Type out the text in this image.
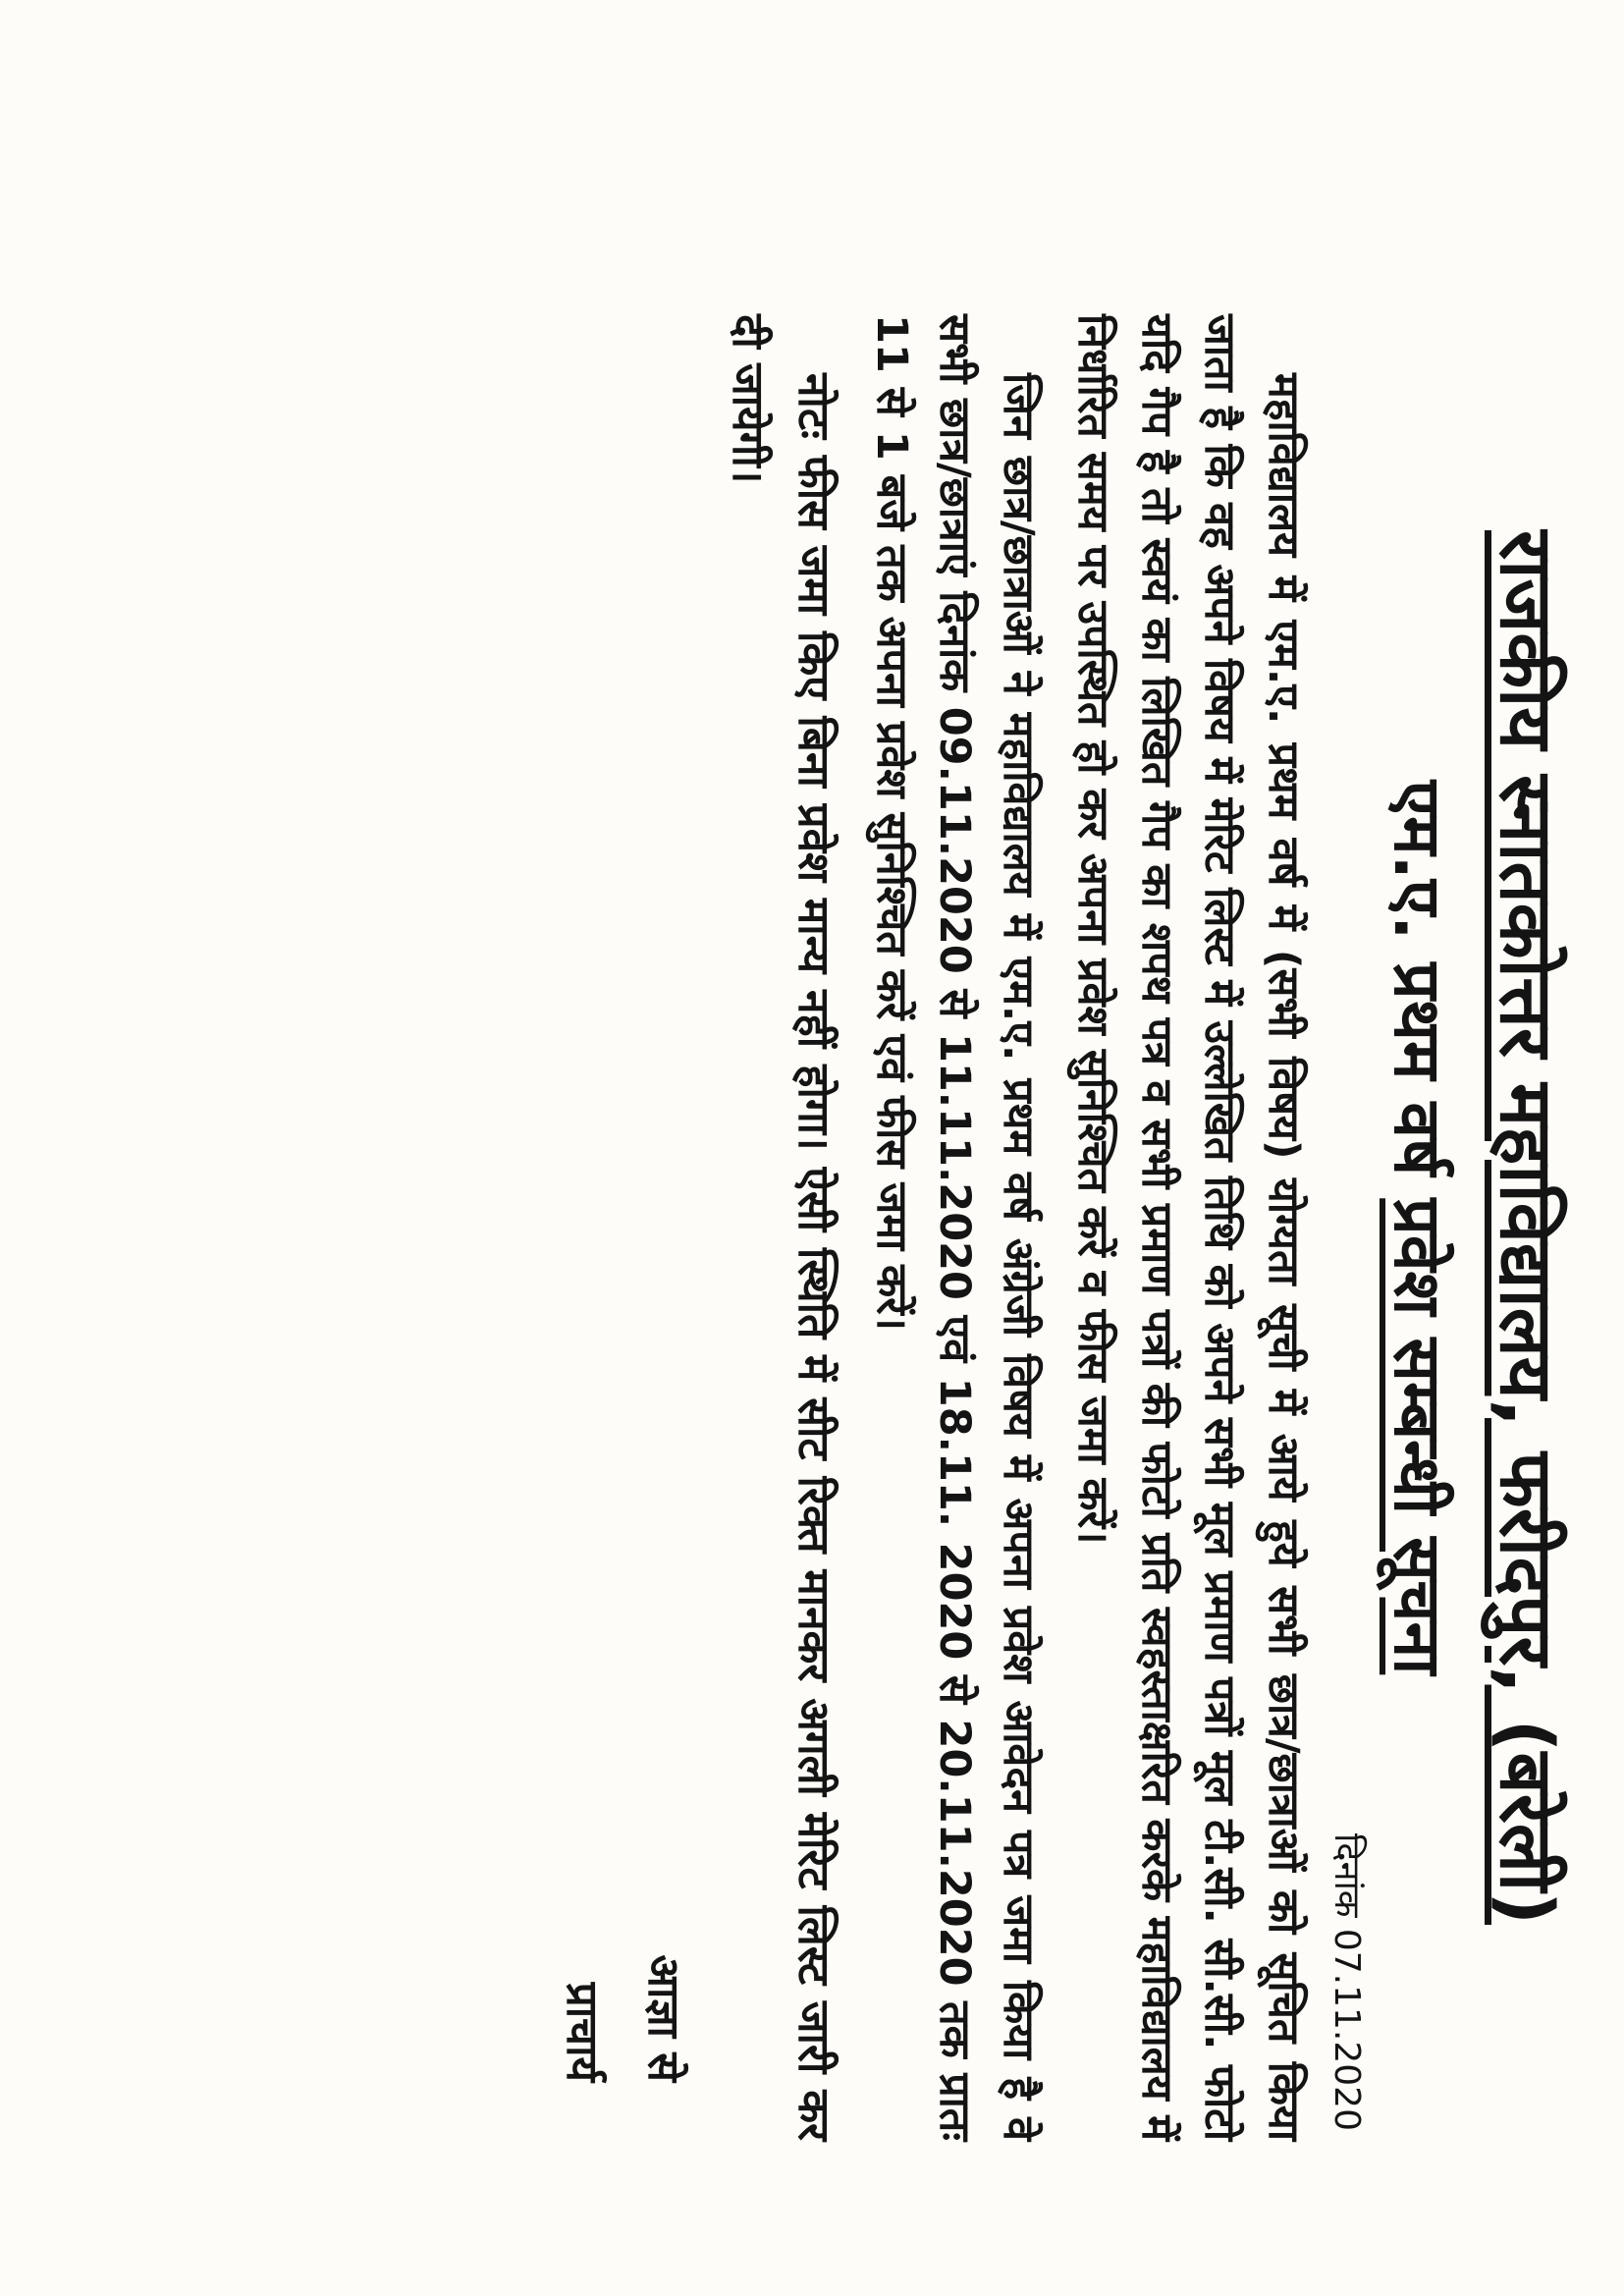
राजकीय स्नातकोत्तर महाविद्यालय, फरीदपुर, (बरेली)
एम.ए. प्रथम वर्ष प्रवेश सम्बन्धी सूचना
दिनांक 07.11.2020

महाविद्यालय में एम.ए. प्रथम वर्ष में (सभी विषय) योग्यता सूची में आये हुये सभी छात्र/छात्राओं को सूचित किया जाता है कि वह अपने विषय में मेरिट लिस्ट में उल्लेखित तिथि को अपने सभी मूल प्रमाण पत्रों मूल टी.सी. सी.सी. फोटो यदि गैप है तो स्वयं का लिखित गैप का शपथ पत्र व सभी प्रमाण पत्रों की फोटो प्रति स्वहस्ताक्षरित करके महाविद्यालय में निर्धारित समय पर उपस्थित हो कर अपना प्रवेश सुनिश्चित करें व फीस जमा करें।

जिन छात्र/छात्राओं ने महाविद्यालय में एम.ए. प्रथम वर्ष अंग्रेजी विषय में अपना प्रवेश आवेदन पत्र जमा किया है वे सभी छात्र/छात्राएं दिनांक 09.11.2020 से 11.11.2020 एवं 18.11. 2020 से 20.11.2020 तक प्रातः 11 से 1 बजे तक अपना प्रवेश सुनिश्चित करें एवं फीस जमा करें।

नोटः फीस जमा किए बिना प्रवेश मान्य नहीं होगा। ऐसी स्थिति में सीट रिक्त मानकर अगली मेरिट लिस्ट जारी कर दी जायेगी।

आज्ञा से
प्राचार्य
